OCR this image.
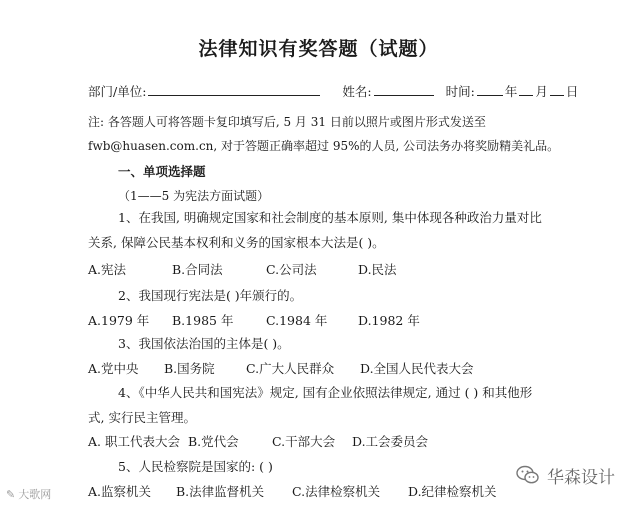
法律知识有奖答题（试题）
部门/单位:	姓名:	时间: 年 月 日
注: 各答题人可将答题卡复印填写后, 5 月 31 日前以照片或图片形式发送至
fwb@huasen.com.cn, 对于答题正确率超过 95%的人员, 公司法务办将奖励精美礼品。
一、单项选择题
（1——5 为宪法方面试题）
1、在我国, 明确规定国家和社会制度的基本原则, 集中体现各种政治力量对比
关系, 保障公民基本权利和义务的国家根本大法是( )。
A.宪法	B.合同法	C.公司法	D.民法
2、我国现行宪法是( )年颁行的。
A.1979 年 B.1985 年	C.1984 年 D.1982 年
3、我国依法治国的主体是( )。
A.党中央 B.国务院	C.广大人民群众 D.全国人民代表大会
4、《中华人民共和国宪法》规定, 国有企业依照法律规定, 通过 ( ) 和其他形
式, 实行民主管理。
A. 职工代表大会 B.党代会	C.干部大会 D.工会委员会
5、人民检察院是国家的: ( )
A.监察机关 B.法律监督机关 C.法律检察机关 D.纪律检察机关
华森设计
✎ 大歌网
